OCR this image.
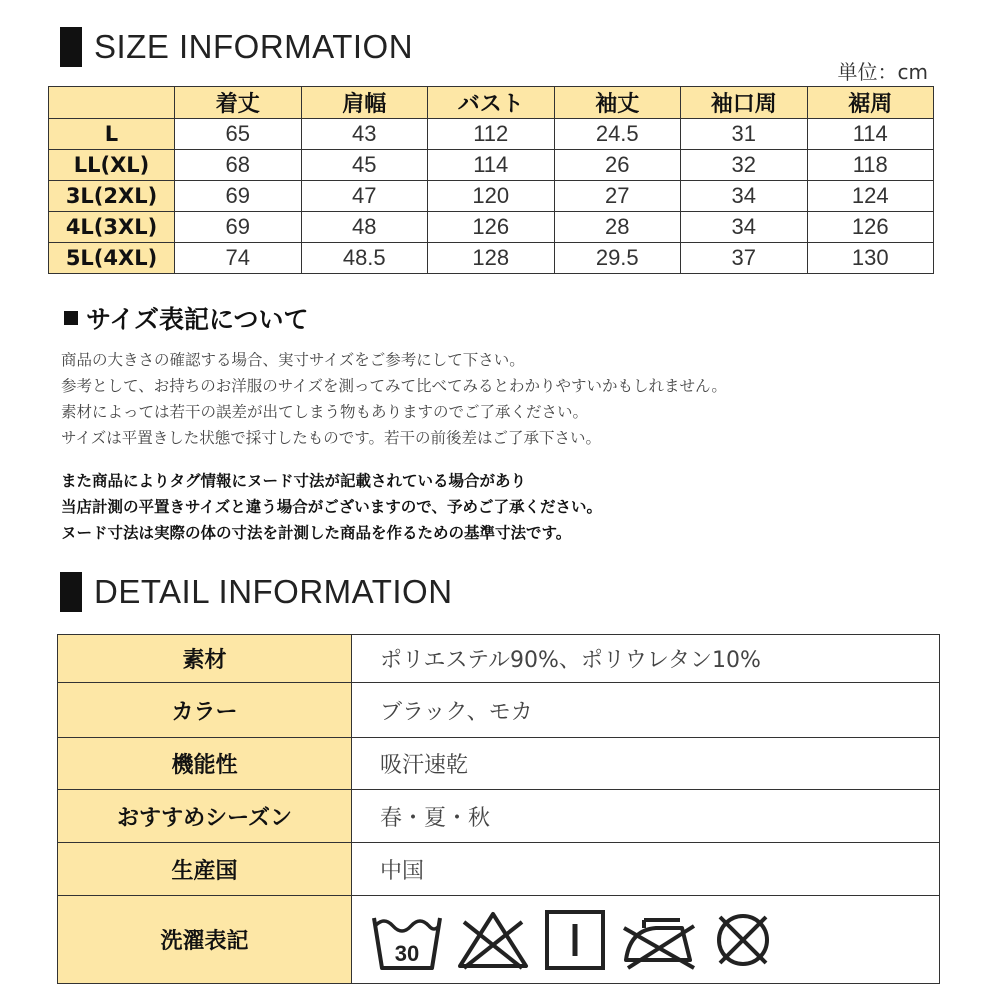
SIZE INFORMATION
単位：cm
	着丈	肩幅	バスト	袖丈	袖口周	裾周
L	65	43	112	24.5	31	114
LL(XL)	68	45	114	26	32	118
3L(2XL)	69	47	120	27	34	124
4L(3XL)	69	48	126	28	34	126
5L(4XL)	74	48.5	128	29.5	37	130
サイズ表記について

商品の大きさの確認する場合、実寸サイズをご参考にして下さい。

参考として、お持ちのお洋服のサイズを測ってみて比べてみるとわかりやすいかもしれません。

素材によっては若干の誤差が出てしまう物もありますのでご了承ください。

サイズは平置きした状態で採寸したものです。若干の前後差はご了承下さい。

また商品によりタグ情報にヌード寸法が記載されている場合があり

当店計測の平置きサイズと違う場合がございますので、予めご了承ください。

ヌード寸法は実際の体の寸法を計測した商品を作るための基準寸法です。

DETAIL INFORMATION
素材	ポリエステル90%、ポリウレタン10%
カラー	ブラック、モカ
機能性	吸汗速乾
おすすめシーズン	春・夏・秋
生産国	中国
洗濯表記	30
